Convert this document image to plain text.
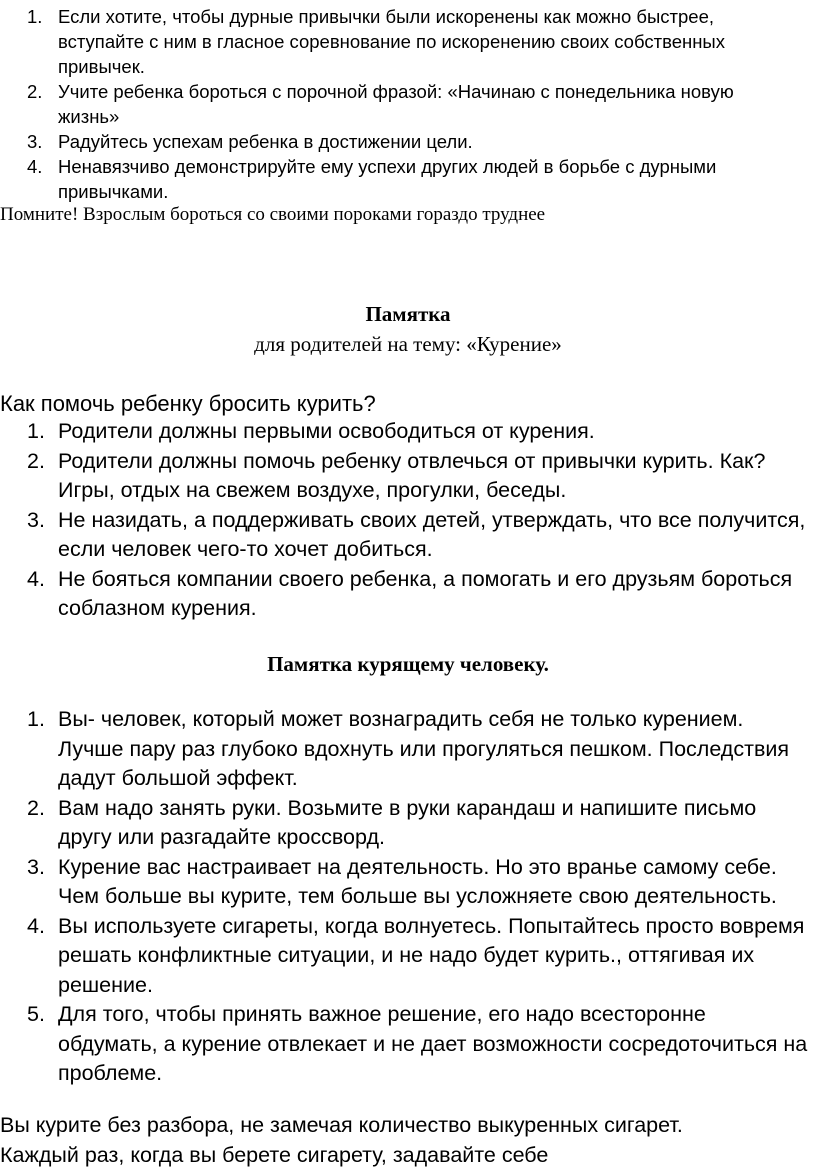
1. Если хотите, чтобы дурные привычки были искоренены как можно быстрее, вступайте с ним в гласное соревнование по искоренению своих собственных привычек.
2. Учите ребенка бороться с порочной фразой: «Начинаю с понедельника новую жизнь»
3. Радуйтесь успехам ребенка в достижении цели.
4. Ненавязчиво демонстрируйте ему успехи других людей в борьбе с дурными привычками.
Помните! Взрослым бороться со своими пороками гораздо труднее
Памятка
для родителей на тему: «Курение»
Как помочь ребенку бросить курить?
1. Родители должны первыми освободиться от курения.
2. Родители должны помочь ребенку отвлечься от привычки курить. Как? Игры, отдых на свежем воздухе, прогулки, беседы.
3. Не назидать, а поддерживать своих детей, утверждать, что все получится, если человек чего-то хочет добиться.
4. Не бояться компании своего ребенка, а помогать и его друзьям бороться соблазном курения.
Памятка курящему человеку.
1. Вы- человек, который может вознаградить себя не только курением. Лучше пару раз глубоко вдохнуть или прогуляться пешком. Последствия дадут большой эффект.
2. Вам надо занять руки. Возьмите в руки карандаш и напишите письмо другу или разгадайте кроссворд.
3. Курение вас настраивает на деятельность. Но это вранье самому себе. Чем больше вы курите, тем больше вы усложняете свою деятельность.
4. Вы используете сигареты, когда волнуетесь. Попытайтесь просто вовремя решать конфликтные ситуации, и не надо будет курить., оттягивая их решение.
5. Для того, чтобы принять важное решение, его надо всесторонне обдумать, а курение отвлекает и не дает возможности сосредоточиться на проблеме.
Вы курите без разбора, не замечая количество выкуренных сигарет.
Каждый раз, когда вы берете сигарету, задавайте себе
